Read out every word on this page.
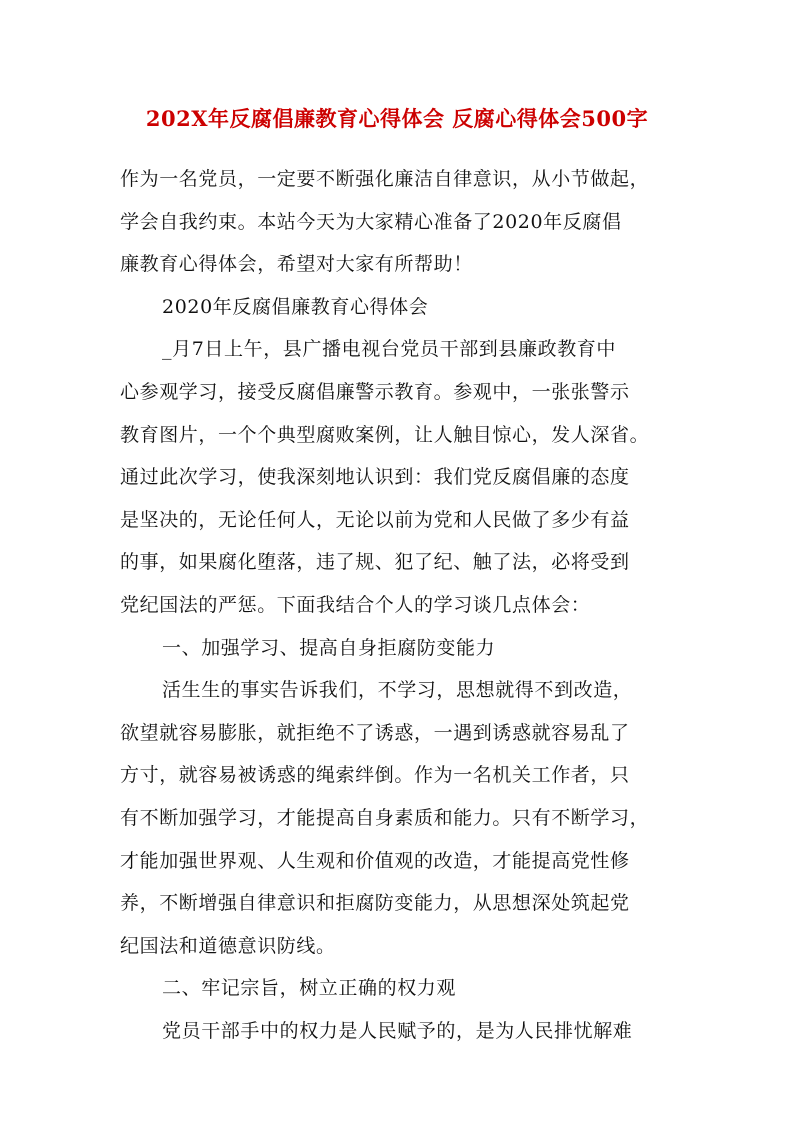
202X年反腐倡廉教育心得体会 反腐心得体会500字
作为一名党员，一定要不断强化廉洁自律意识，从小节做起，
学会自我约束。本站今天为大家精心准备了2020年反腐倡
廉教育心得体会，希望对大家有所帮助！
2020年反腐倡廉教育心得体会
_月7日上午，县广播电视台党员干部到县廉政教育中
心参观学习，接受反腐倡廉警示教育。参观中，一张张警示
教育图片，一个个典型腐败案例，让人触目惊心，发人深省。
通过此次学习，使我深刻地认识到：我们党反腐倡廉的态度
是坚决的，无论任何人，无论以前为党和人民做了多少有益
的事，如果腐化堕落，违了规、犯了纪、触了法，必将受到
党纪国法的严惩。下面我结合个人的学习谈几点体会：
一、加强学习、提高自身拒腐防变能力
活生生的事实告诉我们，不学习，思想就得不到改造，
欲望就容易膨胀，就拒绝不了诱惑，一遇到诱惑就容易乱了
方寸，就容易被诱惑的绳索绊倒。作为一名机关工作者，只
有不断加强学习，才能提高自身素质和能力。只有不断学习，
才能加强世界观、人生观和价值观的改造，才能提高党性修
养，不断增强自律意识和拒腐防变能力，从思想深处筑起党
纪国法和道德意识防线。
二、牢记宗旨，树立正确的权力观
党员干部手中的权力是人民赋予的，是为人民排忧解难
